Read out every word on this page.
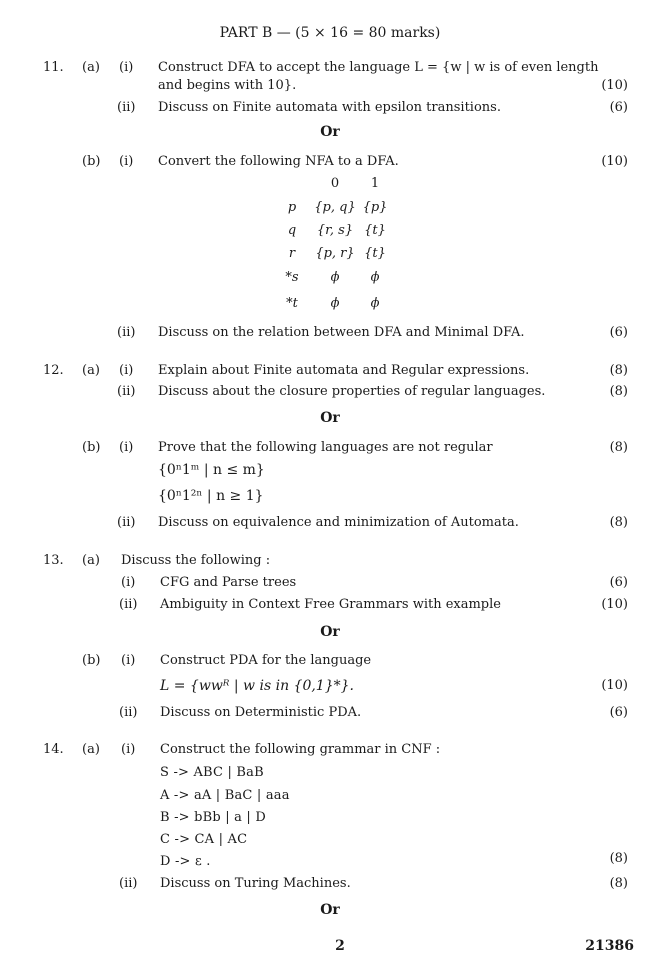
PART B — (5 × 16 = 80 marks)
11. (a) (i) Construct DFA to accept the language L = {w | w is of even length
and begins with 10}.	(10)
(ii) Discuss on Finite automata with epsilon transitions.	(6)
Or
(b) (i) Convert the following NFA to a DFA.	(10)
0	1
p	{p, q} {p}
q	{r, s} {t}
r	{p, r} {t}
*s	ϕ	ϕ
*t	ϕ	ϕ
(ii) Discuss on the relation between DFA and Minimal DFA.	(6)
12. (a) (i) Explain about Finite automata and Regular expressions.	(8)
(ii) Discuss about the closure properties of regular languages.	(8)
Or
(b) (i) Prove that the following languages are not regular	(8)
{0ⁿ1ᵐ | n ≤ m}
{0ⁿ1²ⁿ | n ≥ 1}
(ii) Discuss on equivalence and minimization of Automata.	(8)
13. (a) Discuss the following :
(i) CFG and Parse trees	(6)
(ii) Ambiguity in Context Free Grammars with example	(10)
Or
(b) (i) Construct PDA for the language
L = {wwᴿ | w is in {0,1}*}.	(10)
(ii) Discuss on Deterministic PDA.	(6)
14. (a) (i) Construct the following grammar in CNF :
S -> ABC | BaB
A -> aA | BaC | aaa
B -> bBb | a | D
C -> CA | AC
D -> ε .	(8)
(ii) Discuss on Turing Machines.	(8)
Or
2	21386
